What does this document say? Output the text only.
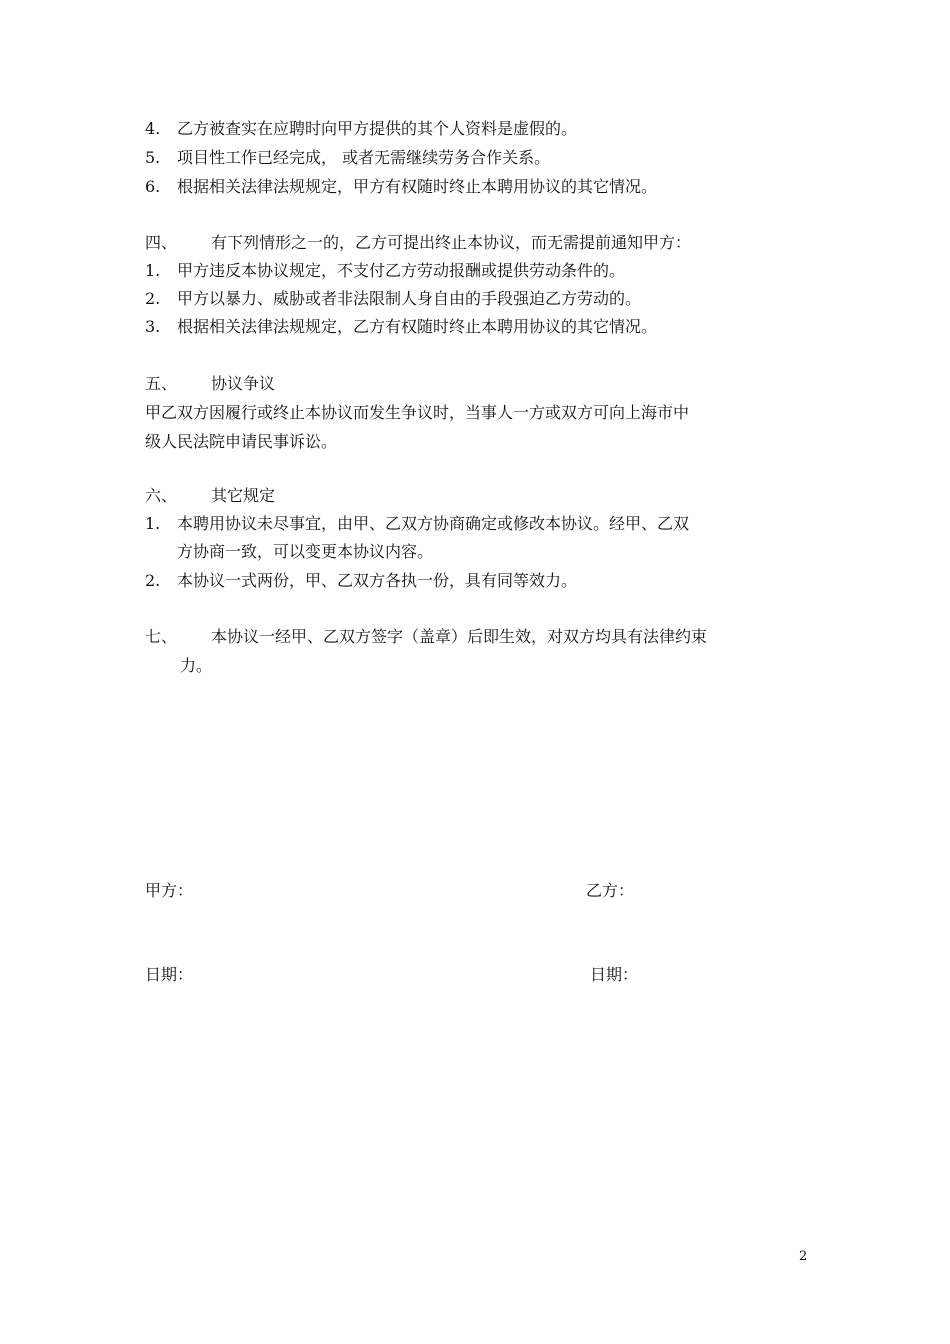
4. 乙方被查实在应聘时向甲方提供的其个人资料是虚假的。
5. 项目性工作已经完成， 或者无需继续劳务合作关系。
6. 根据相关法律法规规定，甲方有权随时终止本聘用协议的其它情况。
四、 有下列情形之一的，乙方可提出终止本协议，而无需提前通知甲方：
1. 甲方违反本协议规定，不支付乙方劳动报酬或提供劳动条件的。
2. 甲方以暴力、威胁或者非法限制人身自由的手段强迫乙方劳动的。
3. 根据相关法律法规规定，乙方有权随时终止本聘用协议的其它情况。
五、 协议争议
甲乙双方因履行或终止本协议而发生争议时，当事人一方或双方可向上海市中
级人民法院申请民事诉讼。
六、 其它规定
1. 本聘用协议未尽事宜，由甲、乙双方协商确定或修改本协议。经甲、乙双
方协商一致，可以变更本协议内容。
2. 本协议一式两份，甲、乙双方各执一份，具有同等效力。
七、 本协议一经甲、乙双方签字（盖章）后即生效，对双方均具有法律约束
力。
甲方：	乙方：
日期：	日期：
2
